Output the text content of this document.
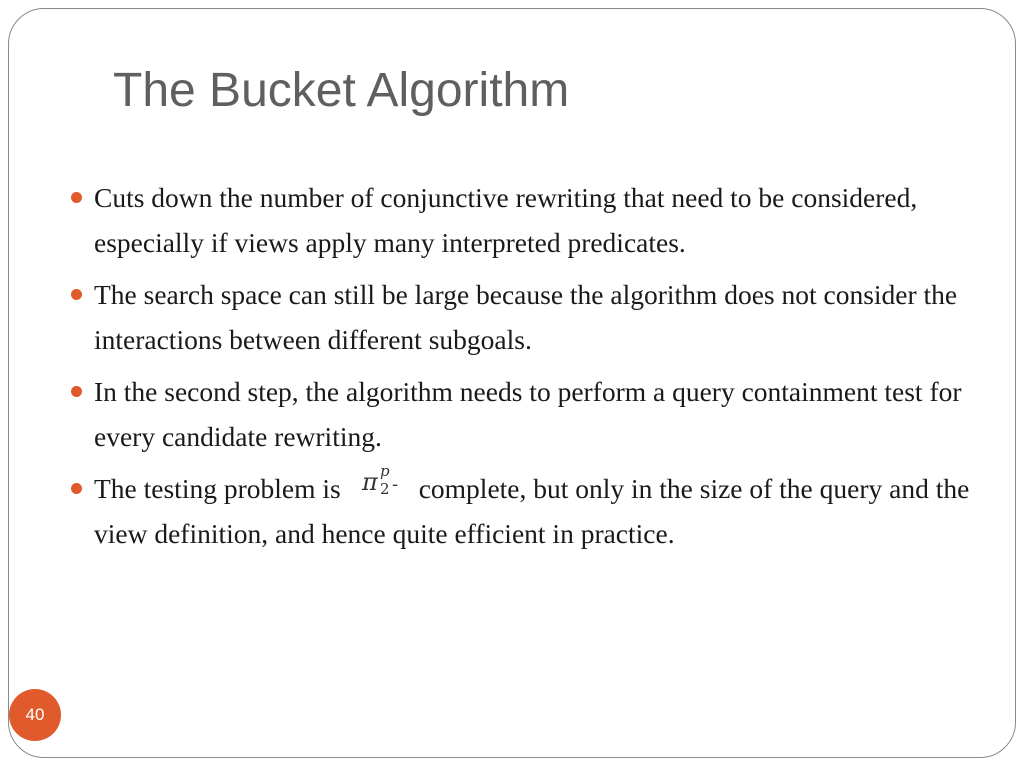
The Bucket Algorithm
Cuts down the number of conjunctive rewriting that need to be considered, especially if views apply many interpreted predicates.
The search space can still be large because the algorithm does not consider the interactions between different subgoals.
In the second step, the algorithm needs to perform a query containment test for every candidate rewriting.
The testing problem is π p
2 - complete, but only in the size of the query and the view definition, and hence quite efficient in practice.
40
